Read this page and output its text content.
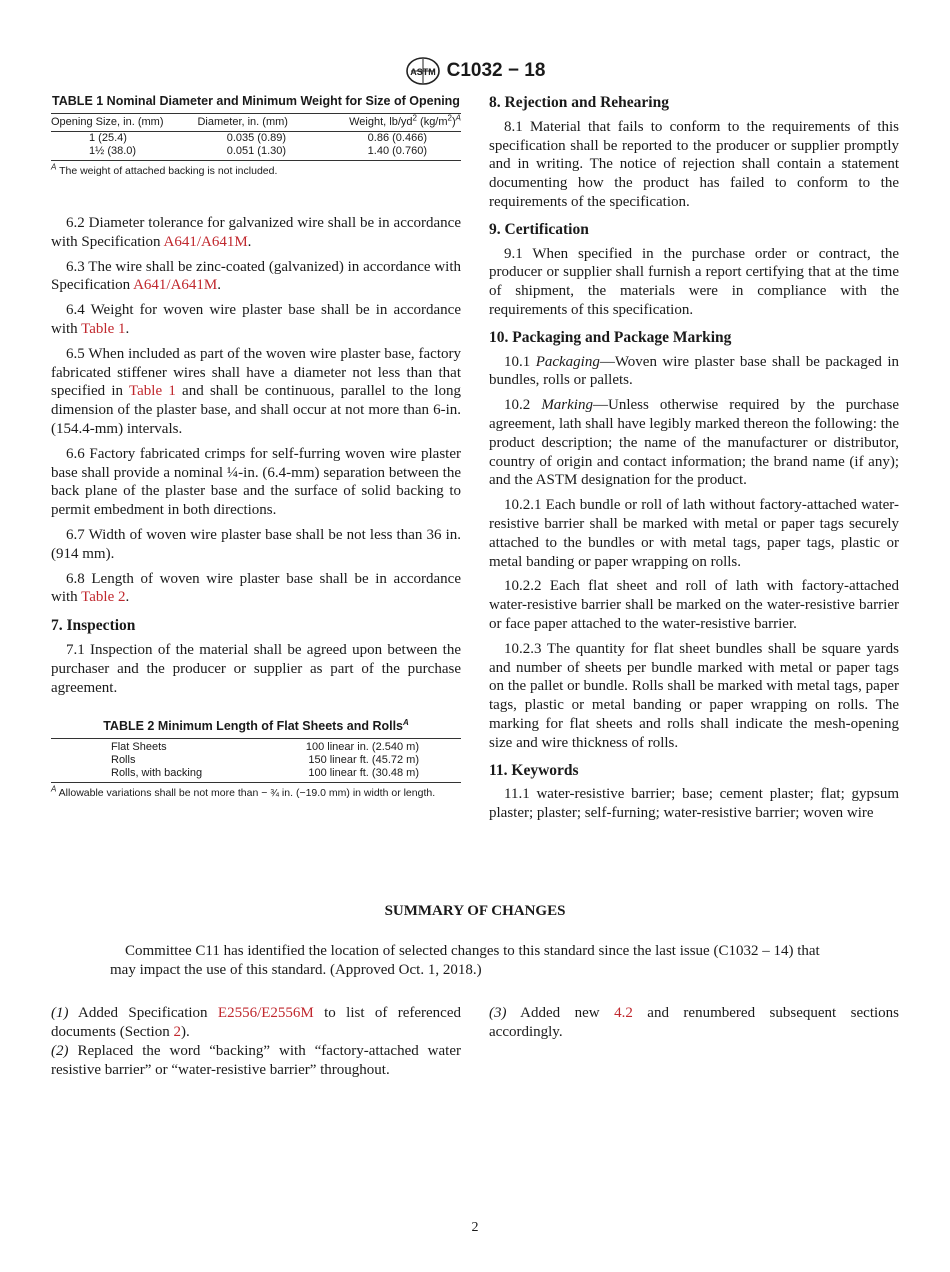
ASTM C1032 − 18
TABLE 1 Nominal Diameter and Minimum Weight for Size of Opening
Opening Size, in. (mm)	Diameter, in. (mm)	Weight, $lb/yd^2$ $(kg/m^2)^A$
1 (25.4)	0.035 (0.89)	0.86 (0.466)
1½ (38.0)	0.051 (1.30)	1.40 (0.760)
$^A$ The weight of attached backing is not included.

6.2 Diameter tolerance for galvanized wire shall be in accordance with Specification A641/A641M.

6.3 The wire shall be zinc-coated (galvanized) in accordance with Specification A641/A641M.

6.4 Weight for woven wire plaster base shall be in accordance with Table 1.

6.5 When included as part of the woven wire plaster base, factory fabricated stiffener wires shall have a diameter not less than that specified in Table 1 and shall be continuous, parallel to the long dimension of the plaster base, and shall occur at not more than 6-in. (154.4-mm) intervals.

6.6 Factory fabricated crimps for self-furring woven wire plaster base shall provide a nominal ¼-in. (6.4-mm) separation between the back plane of the plaster base and the surface of solid backing to permit embedment in both directions.

6.7 Width of woven wire plaster base shall be not less than 36 in. (914 mm).

6.8 Length of woven wire plaster base shall be in accordance with Table 2.

7. Inspection

7.1 Inspection of the material shall be agreed upon between the purchaser and the producer or supplier as part of the purchase agreement.

TABLE 2 Minimum Length of Flat Sheets and Rolls$^A$
Flat Sheets	100 linear in. (2.540 m)
Rolls	150 linear ft. (45.72 m)
Rolls, with backing	100 linear ft. (30.48 m)
$^A$ Allowable variations shall be not more than − ¾ in. (−19.0 mm) in width or length.
8. Rejection and Rehearing

8.1 Material that fails to conform to the requirements of this specification shall be reported to the producer or supplier promptly and in writing. The notice of rejection shall contain a statement documenting how the product has failed to conform to the requirements of the specification.

9. Certification

9.1 When specified in the purchase order or contract, the producer or supplier shall furnish a report certifying that at the time of shipment, the materials were in compliance with the requirements of this specification.

10. Packaging and Package Marking

10.1 Packaging—Woven wire plaster base shall be packaged in bundles, rolls or pallets.

10.2 Marking—Unless otherwise required by the purchase agreement, lath shall have legibly marked thereon the following: the product description; the name of the manufacturer or distributor, country of origin and contact information; the brand name (if any); and the ASTM designation for the product.

10.2.1 Each bundle or roll of lath without factory-attached water-resistive barrier shall be marked with metal or paper tags securely attached to the bundles or with metal tags, paper tags, plastic or metal banding or paper wrapping on rolls.

10.2.2 Each flat sheet and roll of lath with factory-attached water-resistive barrier shall be marked on the water-resistive barrier or face paper attached to the water-resistive barrier.

10.2.3 The quantity for flat sheet bundles shall be square yards and number of sheets per bundle marked with metal or paper tags on the pallet or bundle. Rolls shall be marked with metal tags, paper tags, plastic or metal banding or paper wrapping on rolls. The marking for flat sheets and rolls shall indicate the mesh-opening size and wire thickness of rolls.

11. Keywords

11.1 water-resistive barrier; base; cement plaster; flat; gypsum plaster; plaster; self-furning; water-resistive barrier; woven wire

SUMMARY OF CHANGES
Committee C11 has identified the location of selected changes to this standard since the last issue (C1032 – 14) that may impact the use of this standard. (Approved Oct. 1, 2018.)

(1) Added Specification E2556/E2556M to list of referenced documents (Section 2).

(2) Replaced the word “backing” with “factory-attached water resistive barrier” or “water-resistive barrier” throughout.

(3) Added new 4.2 and renumbered subsequent sections accordingly.

2
